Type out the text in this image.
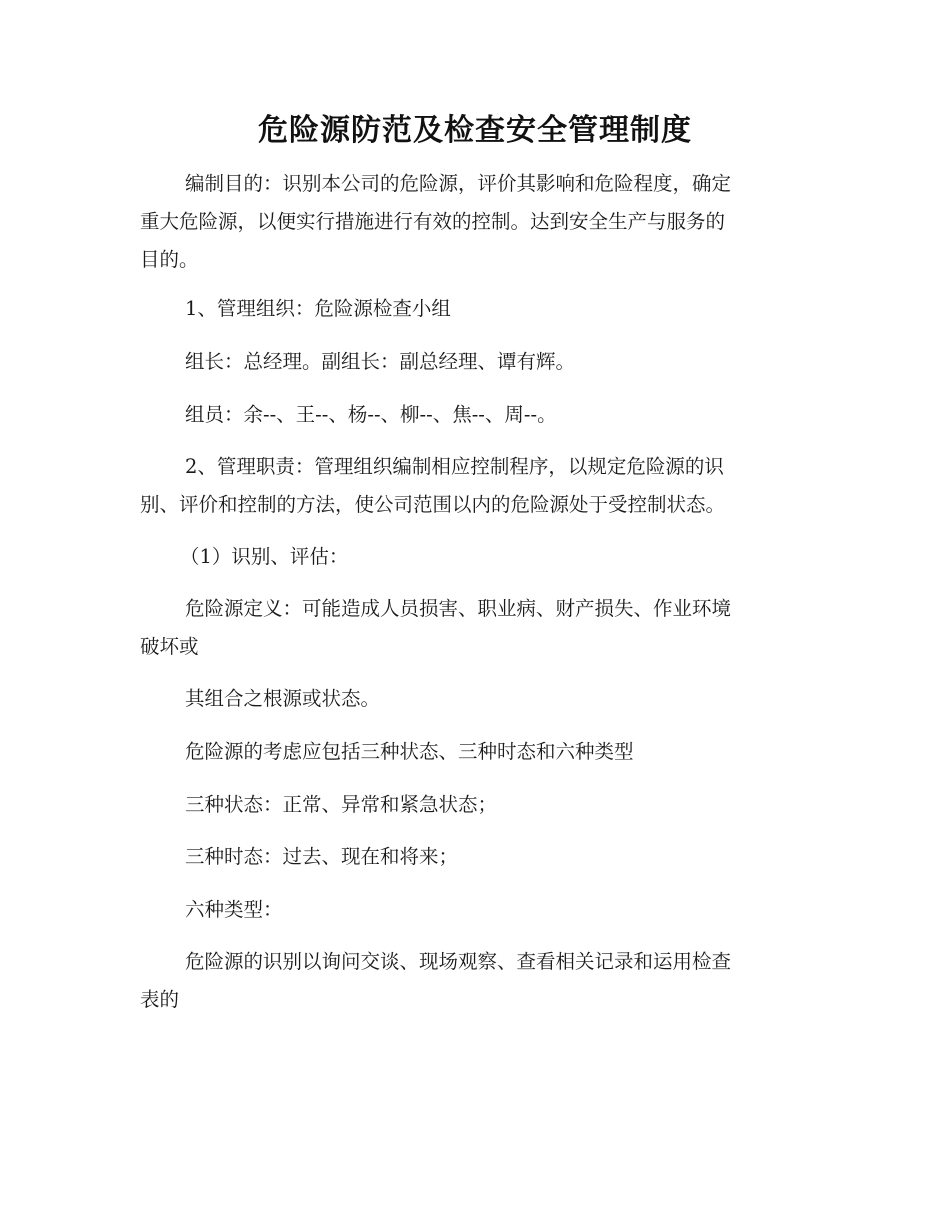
危险源防范及检查安全管理制度
编制目的：识别本公司的危险源，评价其影响和危险程度，确定
重大危险源，以便实行措施进行有效的控制。达到安全生产与服务的
目的。
1、管理组织：危险源检查小组
组长：总经理。副组长：副总经理、谭有辉。
组员：余--、王--、杨--、柳--、焦--、周--。
2、管理职责：管理组织编制相应控制程序，以规定危险源的识
别、评价和控制的方法，使公司范围以内的危险源处于受控制状态。
（1）识别、评估：
危险源定义：可能造成人员损害、职业病、财产损失、作业环境
破坏或
其组合之根源或状态。
危险源的考虑应包括三种状态、三种时态和六种类型
三种状态：正常、异常和紧急状态；
三种时态：过去、现在和将来；
六种类型：
危险源的识别以询问交谈、现场观察、查看相关记录和运用检查
表的
